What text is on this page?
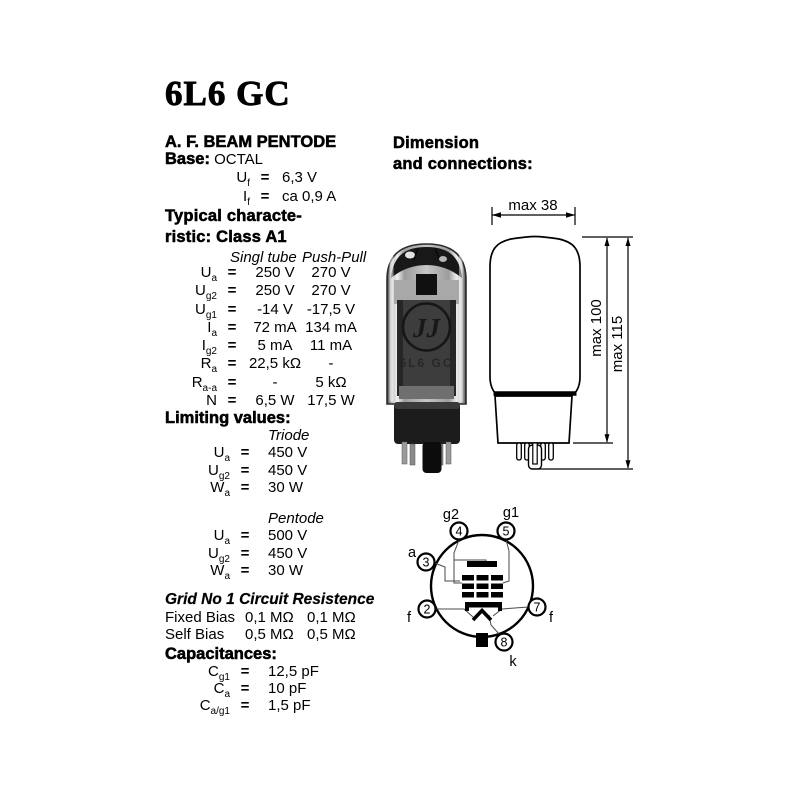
6L6 GC
A. F. BEAM PENTODE
Base: OCTAL
$U_f = 6,3$ V
$I_f$ = ca 0,9 A
Typical characte-
ristic: Class A1
Singl tube Push-Pull
$U_a$ =	250 V	270 V
$U_{g2}$ =	250 V	270 V
$U_{g1}$ =	-14 V -17,5 V
$I_a$ =	72 mA 134 mA
$I_{g2}$ =	5 mA	11 mA
$R_a = 22,5$ kΩ	-
$R_{a-a}$ =	-	5 kΩ
N =	6,5 W 17,5 W
Limiting values:
Triode
$U_a$ =	450 V
$U_{g2}$ =	450 V
$W_a$ =	30 W
Pentode
$U_a$ =	500 V
$U_{g2}$ =	450 V
$W_a$ =	30 W
Grid No 1 Circuit Resistence
Fixed Bias 0,1 MΩ 0,1 MΩ
Self Bias	0,5 MΩ 0,5 MΩ
Capacitances:
$C_{g1}$ =	12,5 pF
$C_a$ =	10 pF
$C_{a/g1}$ =	1,5 pF
Dimension
and connections:
JJ
6L6 GC
max 38
max 100 max 115
4	5
3
2	7
8
g2	g1
a
f	f
k
